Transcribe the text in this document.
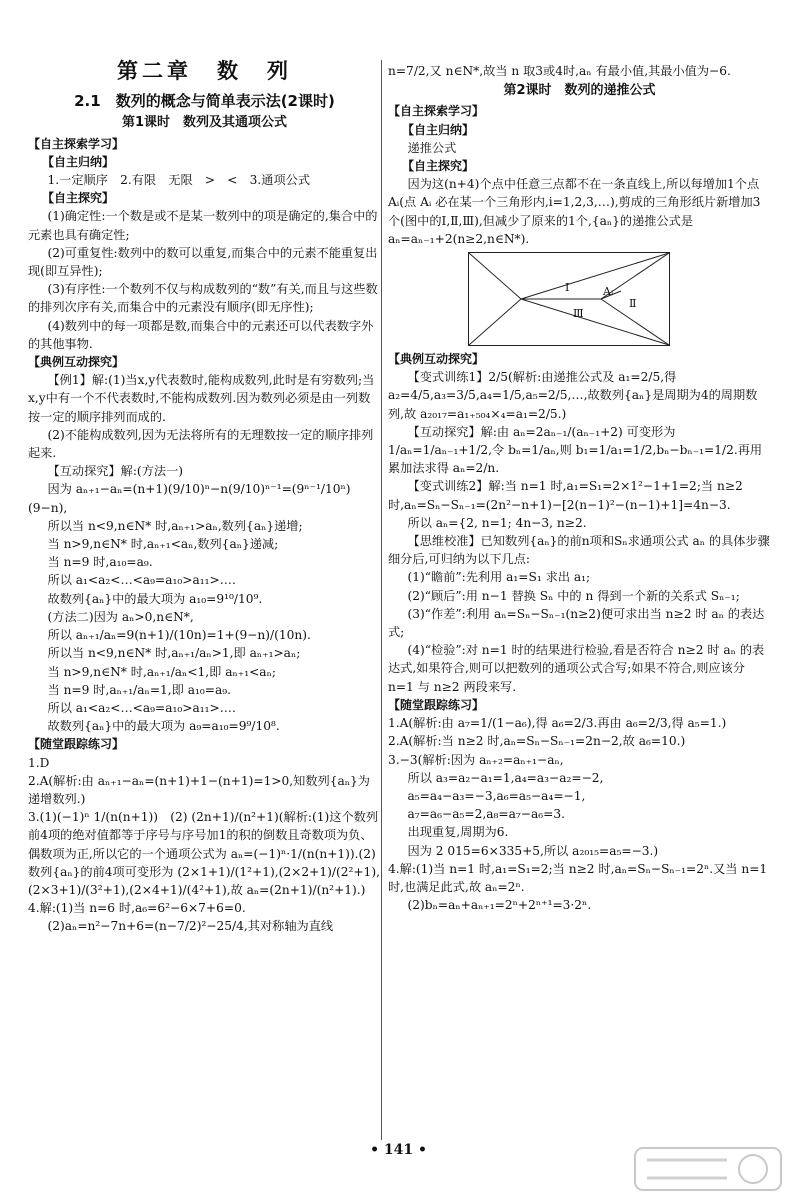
第二章　数　列
2.1　数列的概念与简单表示法(2课时)
第1课时　数列及其通项公式
【自主探索学习】
【自主归纳】

1.一定顺序　2.有限　无限　>　<　3.通项公式

【自主探究】

(1)确定性:一个数是或不是某一数列中的项是确定的,集合中的元素也具有确定性;

(2)可重复性:数列中的数可以重复,而集合中的元素不能重复出现(即互异性);

(3)有序性:一个数列不仅与构成数列的“数”有关,而且与这些数的排列次序有关,而集合中的元素没有顺序(即无序性);

(4)数列中的每一项都是数,而集合中的元素还可以代表数字外的其他事物.

【典例互动探究】

【例1】解:(1)当x,y代表数时,能构成数列,此时是有穷数列;当x,y中有一个不代表数时,不能构成数列.因为数列必须是由一列数按一定的顺序排列而成的.

(2)不能构成数列,因为无法将所有的无理数按一定的顺序排列起来.

【互动探究】解:(方法一)

因为 aₙ₊₁−aₙ=(n+1)(9/10)ⁿ−n(9/10)ⁿ⁻¹=(9ⁿ⁻¹/10ⁿ)(9−n),

所以当 n<9,n∈N* 时,aₙ₊₁>aₙ,数列{aₙ}递增;

当 n>9,n∈N* 时,aₙ₊₁<aₙ,数列{aₙ}递减;

当 n=9 时,a₁₀=a₉.

所以 a₁<a₂<…<a₉=a₁₀>a₁₁>….

故数列{aₙ}中的最大项为 a₁₀=9¹⁰/10⁹.

(方法二)因为 aₙ>0,n∈N*,

所以 aₙ₊₁/aₙ=9(n+1)/(10n)=1+(9−n)/(10n).

所以当 n<9,n∈N* 时,aₙ₊₁/aₙ>1,即 aₙ₊₁>aₙ;

当 n>9,n∈N* 时,aₙ₊₁/aₙ<1,即 aₙ₊₁<aₙ;

当 n=9 时,aₙ₊₁/aₙ=1,即 a₁₀=a₉.

所以 a₁<a₂<…<a₉=a₁₀>a₁₁>….

故数列{aₙ}中的最大项为 a₉=a₁₀=9⁹/10⁸.

【随堂跟踪练习】

1.D

2.A(解析:由 aₙ₊₁−aₙ=(n+1)+1−(n+1)=1>0,知数列{aₙ}为递增数列.)

3.(1)(−1)ⁿ 1/(n(n+1))　(2) (2n+1)/(n²+1)(解析:(1)这个数列前4项的绝对值都等于序号与序号加1的积的倒数且奇数项为负、偶数项为正,所以它的一个通项公式为 aₙ=(−1)ⁿ·1/(n(n+1)).(2)数列{aₙ}的前4项可变形为 (2×1+1)/(1²+1),(2×2+1)/(2²+1),(2×3+1)/(3²+1),(2×4+1)/(4²+1),故 aₙ=(2n+1)/(n²+1).)

4.解:(1)当 n=6 时,a₆=6²−6×7+6=0.

(2)aₙ=n²−7n+6=(n−7/2)²−25/4,其对称轴为直线

n=7/2,又 n∈N*,故当 n 取3或4时,aₙ 有最小值,其最小值为−6.

第2课时　数列的递推公式
【自主探索学习】
【自主归纳】

递推公式

【自主探究】

因为这(n+4)个点中任意三点都不在一条直线上,所以每增加1个点 Aᵢ(点 Aᵢ 必在某一个三角形内,i=1,2,3,…),剪成的三角形纸片新增加3个(图中的Ⅰ,Ⅱ,Ⅲ),但减少了原来的1个,{aₙ}的递推公式是 aₙ=aₙ₋₁+2(n≥2,n∈N*).

Ⅰ	Aᵢ
Ⅲ
Ⅱ
【典例互动探究】

【变式训练1】2/5(解析:由递推公式及 a₁=2/5,得 a₂=4/5,a₃=3/5,a₄=1/5,a₅=2/5,…,故数列{aₙ}是周期为4的周期数列,故 a₂₀₁₇=a₁₊₅₀₄×₄=a₁=2/5.)

【互动探究】解:由 aₙ=2aₙ₋₁/(aₙ₋₁+2) 可变形为 1/aₙ=1/aₙ₋₁+1/2,令 bₙ=1/aₙ,则 b₁=1/a₁=1/2,bₙ−bₙ₋₁=1/2.再用累加法求得 aₙ=2/n.

【变式训练2】解:当 n=1 时,a₁=S₁=2×1²−1+1=2;当 n≥2 时,aₙ=Sₙ−Sₙ₋₁=(2n²−n+1)−[2(n−1)²−(n−1)+1]=4n−3.

所以 aₙ={2, n=1; 4n−3, n≥2.

【思维校准】已知数列{aₙ}的前n项和Sₙ求通项公式 aₙ 的具体步骤细分后,可归纳为以下几点:

(1)“瞻前”:先利用 a₁=S₁ 求出 a₁;

(2)“顾后”:用 n−1 替换 Sₙ 中的 n 得到一个新的关系式 Sₙ₋₁;

(3)“作差”:利用 aₙ=Sₙ−Sₙ₋₁(n≥2)便可求出当 n≥2 时 aₙ 的表达式;

(4)“检验”:对 n=1 时的结果进行检验,看是否符合 n≥2 时 aₙ 的表达式,如果符合,则可以把数列的通项公式合写;如果不符合,则应该分 n=1 与 n≥2 两段来写.

【随堂跟踪练习】

1.A(解析:由 a₇=1/(1−a₆),得 a₆=2/3.再由 a₆=2/3,得 a₅=1.)

2.A(解析:当 n≥2 时,aₙ=Sₙ−Sₙ₋₁=2n−2,故 a₆=10.)

3.−3(解析:因为 aₙ₊₂=aₙ₊₁−aₙ,

所以 a₃=a₂−a₁=1,a₄=a₃−a₂=−2,

a₅=a₄−a₃=−3,a₆=a₅−a₄=−1,

a₇=a₆−a₅=2,a₈=a₇−a₆=3.

出现重复,周期为6.

因为 2 015=6×335+5,所以 a₂₀₁₅=a₅=−3.)

4.解:(1)当 n=1 时,a₁=S₁=2;当 n≥2 时,aₙ=Sₙ−Sₙ₋₁=2ⁿ.又当 n=1 时,也满足此式,故 aₙ=2ⁿ.

(2)bₙ=aₙ+aₙ₊₁=2ⁿ+2ⁿ⁺¹=3·2ⁿ.

• 141 •
